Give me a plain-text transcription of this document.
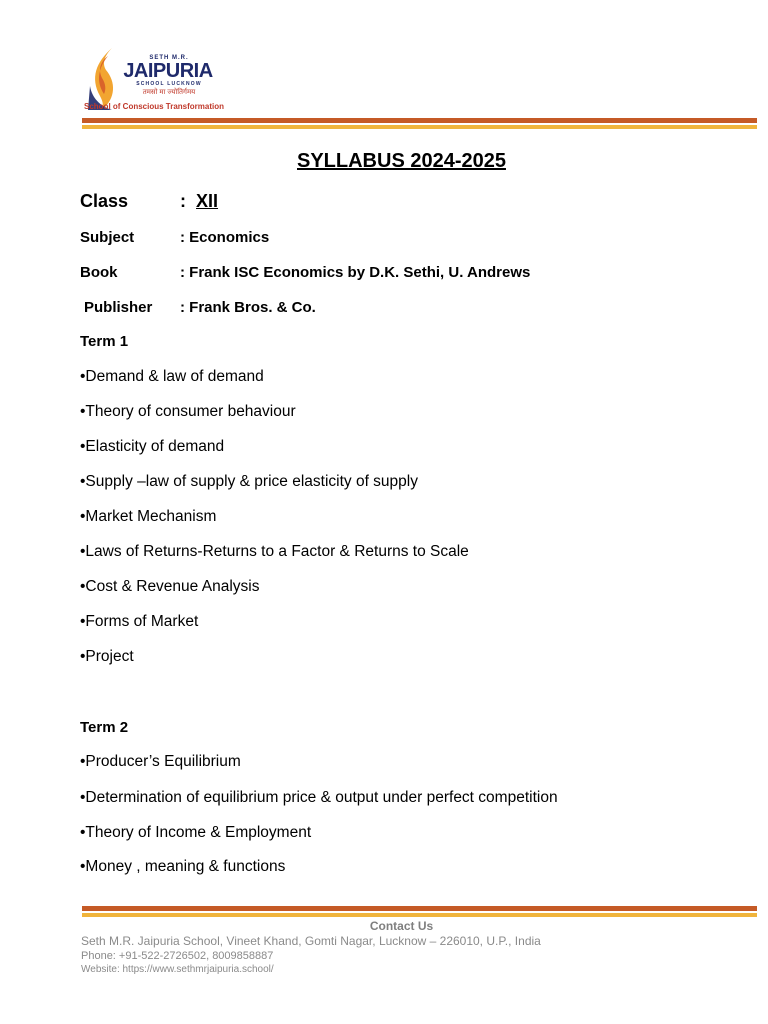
SETH M.R.
JAIPURIA
SCHOOL LUCKNOW
तमसो मा ज्योतिर्गमय
School of Conscious Transformation
SYLLABUS 2024-2025
Class	: XII
Subject	: Economics
Book	: Frank ISC Economics by D.K. Sethi, U. Andrews
Publisher : Frank Bros. & Co.
Term 1
•Demand & law of demand
•Theory of consumer behaviour
•Elasticity of demand
•Supply –law of supply & price elasticity of supply
•Market Mechanism
•Laws of Returns-Returns to a Factor & Returns to Scale
•Cost & Revenue Analysis
•Forms of Market
•Project
Term 2
•Producer’s Equilibrium
•Determination of equilibrium price & output under perfect competition
•Theory of Income & Employment
•Money , meaning & functions
Contact Us
Seth M.R. Jaipuria School, Vineet Khand, Gomti Nagar, Lucknow – 226010, U.P., India
Phone: +91-522-2726502, 8009858887
Website: https://www.sethmrjaipuria.school/
